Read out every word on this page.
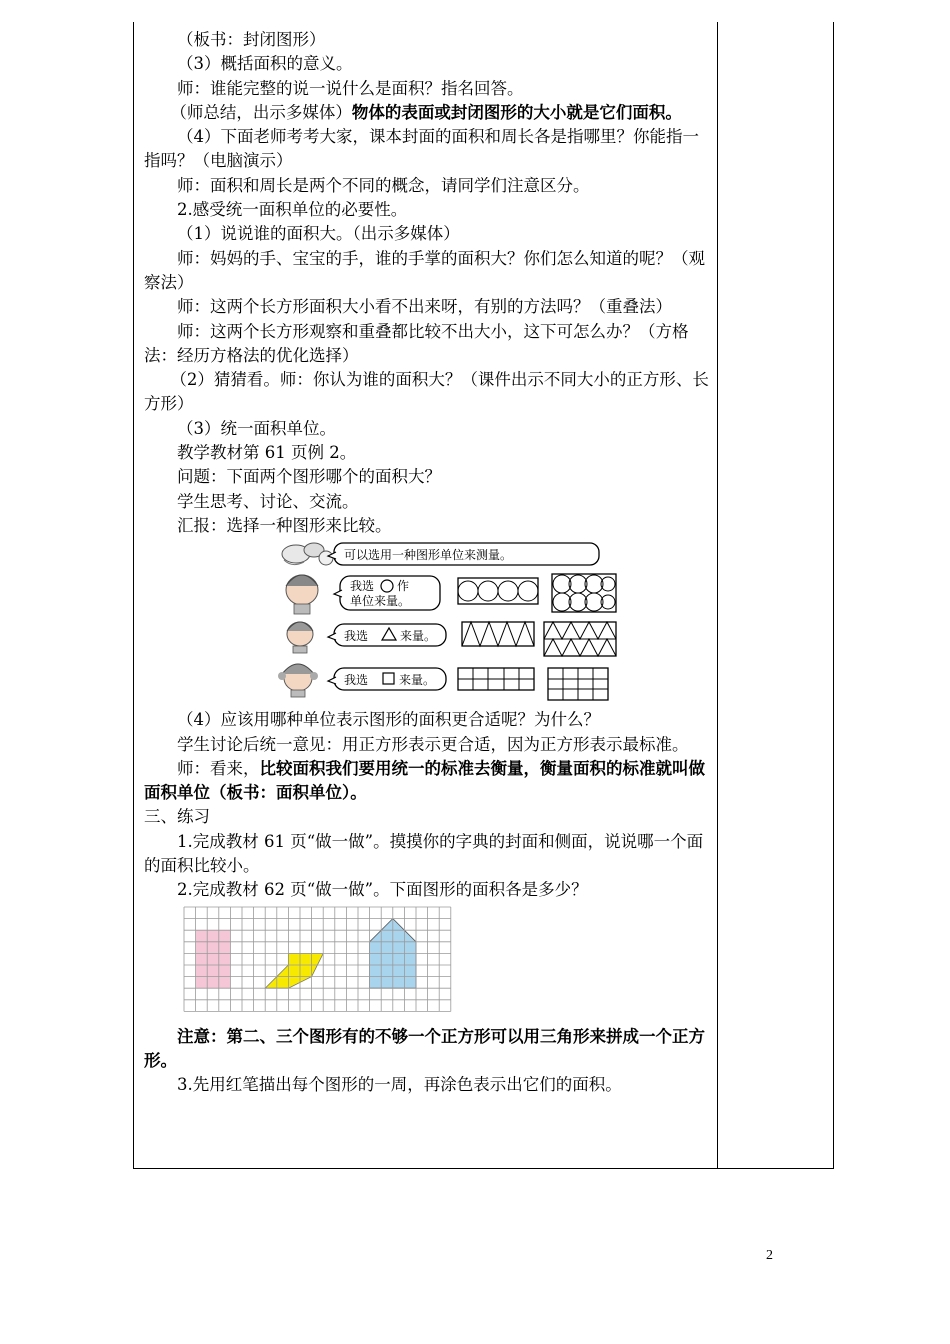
（板书：封闭图形）

（3）概括面积的意义。

师：谁能完整的说一说什么是面积？指名回答。

（师总结，出示多媒体）物体的表面或封闭图形的大小就是它们面积。

（4）下面老师考考大家，课本封面的面积和周长各是指哪里？你能指一指吗？（电脑演示）

师：面积和周长是两个不同的概念，请同学们注意区分。

2.感受统一面积单位的必要性。

（1）说说谁的面积大。（出示多媒体）

师：妈妈的手、宝宝的手，谁的手掌的面积大？你们怎么知道的呢？（观察法）

师：这两个长方形面积大小看不出来呀，有别的方法吗？（重叠法）

师：这两个长方形观察和重叠都比较不出大小，这下可怎么办？（方格法：经历方格法的优化选择）

（2）猜猜看。师：你认为谁的面积大？（课件出示不同大小的正方形、长方形）

（3）统一面积单位。

教学教材第 61 页例 2。

问题：下面两个图形哪个的面积大？

学生思考、讨论、交流。

汇报：选择一种图形来比较。

可以选用一种图形单位来测量。
我选 作
单位来量。
我选	来量。
我选	来量。

（4）应该用哪种单位表示图形的面积更合适呢？为什么？

学生讨论后统一意见：用正方形表示更合适，因为正方形表示最标准。

师：看来，比较面积我们要用统一的标准去衡量，衡量面积的标准就叫做面积单位（板书：面积单位）。

三、练习

1.完成教材 61 页“做一做”。摸摸你的字典的封面和侧面，说说哪一个面的面积比较小。

2.完成教材 62 页“做一做”。下面图形的面积各是多少？

注意：第二、三个图形有的不够一个正方形可以用三角形来拼成一个正方形。

3.先用红笔描出每个图形的一周，再涂色表示出它们的面积。

2
